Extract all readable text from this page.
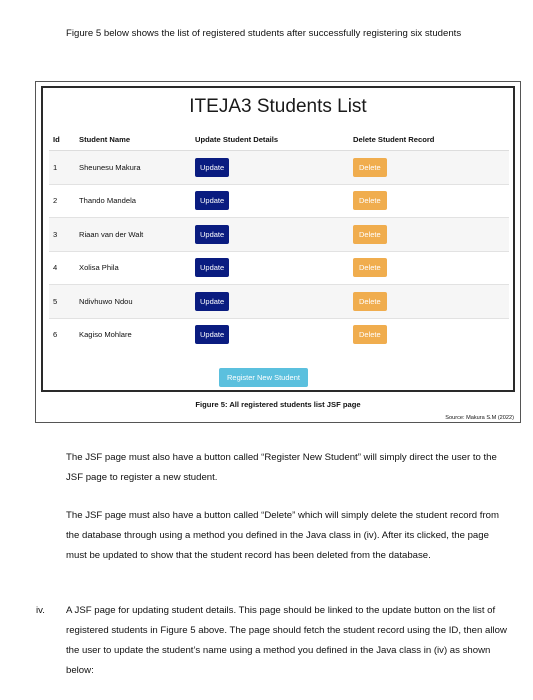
Figure 5 below shows the list of registered students after successfully registering six students
ITEJA3 Students List
Id	Student Name	Update Student Details	Delete Student Record
1	Sheunesu Makura	Update	Delete
2	Thando Mandela	Update	Delete
3	Riaan van der Walt	Update	Delete
4	Xolisa Phila	Update	Delete
5	Ndivhuwo Ndou	Update	Delete
6	Kagiso Mohlare	Update	Delete
Register New Student
Figure 5: All registered students list JSF page
Source: Makura S.M (2022)
The JSF page must also have a button called “Register New Student” will simply direct the user to the JSF page to register a new student.
The JSF page must also have a button called “Delete” which will simply delete the student record from the database through using a method you defined in the Java class in (iv). After its clicked, the page must be updated to show that the student record has been deleted from the database.
iv. A JSF page for updating student details. This page should be linked to the update button on the list of registered students in Figure 5 above. The page should fetch the student record using the ID, then allow the user to update the student’s name using a method you defined in the Java class in (iv) as shown below:
